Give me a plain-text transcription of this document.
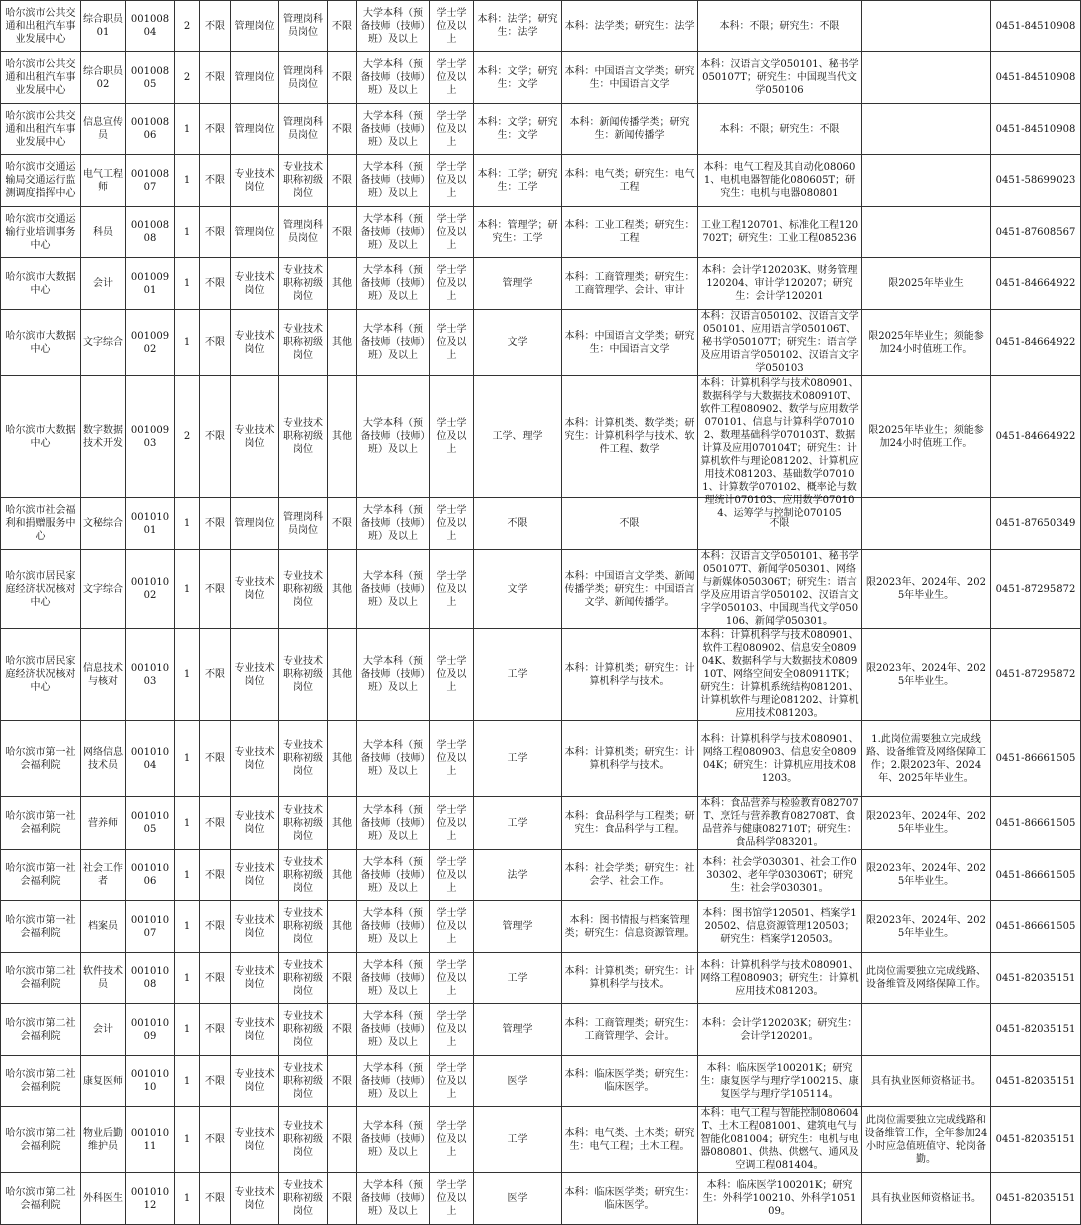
哈尔滨市公共交通和出租汽车事业发展中心	综合职员01	00100804	2	不限	管理岗位	管理岗科员岗位	不限	大学本科（预备技师（技师）班）及以上	学士学位及以上	本科：法学；研究生：法学	本科：法学类；研究生：法学	本科：不限；研究生：不限		0451-84510908
哈尔滨市公共交通和出租汽车事业发展中心	综合职员02	00100805	2	不限	管理岗位	管理岗科员岗位	不限	大学本科（预备技师（技师）班）及以上	学士学位及以上	本科：文学；研究生：文学	本科：中国语言文学类；研究生：中国语言文学	本科：汉语言文学050101、秘书学050107T；研究生：中国现当代文学050106		0451-84510908
哈尔滨市公共交通和出租汽车事业发展中心	信息宣传员	00100806	1	不限	管理岗位	管理岗科员岗位	不限	大学本科（预备技师（技师）班）及以上	学士学位及以上	本科：文学；研究生：文学	本科：新闻传播学类；研究生：新闻传播学	本科：不限；研究生：不限		0451-84510908
哈尔滨市交通运输局交通运行监测调度指挥中心	电气工程师	00100807	1	不限	专业技术岗位	专业技术职称初级岗位	不限	大学本科（预备技师（技师）班）及以上	学士学位及以上	本科：工学；研究生：工学	本科：电气类；研究生：电气工程	本科：电气工程及其自动化080601、电机电器智能化080605T；研究生：电机与电器080801		0451-58699023
哈尔滨市交通运输行业培训事务中心	科员	00100808	1	不限	管理岗位	管理岗科员岗位	不限	大学本科（预备技师（技师）班）及以上	学士学位及以上	本科：管理学；研究生：工学	本科：工业工程类；研究生：工程	工业工程120701、标准化工程120702T；研究生：工业工程085236		0451-87608567
哈尔滨市大数据中心	会计	00100901	1	不限	专业技术岗位	专业技术职称初级岗位	其他	大学本科（预备技师（技师）班）及以上	学士学位及以上	管理学	本科：工商管理类；研究生：工商管理学、会计、审计	本科：会计学120203K、财务管理120204、审计学120207；研究生：会计学120201	限2025年毕业生	0451-84664922
哈尔滨市大数据中心	文字综合	00100902	1	不限	专业技术岗位	专业技术职称初级岗位	其他	大学本科（预备技师（技师）班）及以上	学士学位及以上	文学	本科：中国语言文学类；研究生：中国语言文学	本科：汉语言050102、汉语言文学050101、应用语言学050106T、秘书学050107T；研究生：语言学及应用语言学050102、汉语言文字学050103	限2025年毕业生；须能参加24小时值班工作。	0451-84664922
哈尔滨市大数据中心	数字数据技术开发	00100903	2	不限	专业技术岗位	专业技术职称初级岗位	其他	大学本科（预备技师（技师）班）及以上	学士学位及以上	工学、理学	本科：计算机类、数学类；研究生：计算机科学与技术、软件工程、数学	本科：计算机科学与技术080901、数据科学与大数据技术080910T、软件工程080902、数学与应用数学070101、信息与计算科学070102、数理基础科学070103T、数据计算及应用070104T；研究生：计算机软件与理论081202、计算机应用技术081203、基础数学070101、计算数学070102、概率论与数理统计070103、应用数学070104、运筹学与控制论070105	限2025年毕业生；须能参加24小时值班工作。	0451-84664922
哈尔滨市社会福利和捐赠服务中心	文秘综合	00101001	1	不限	管理岗位	管理岗科员岗位	不限	大学本科（预备技师（技师）班）及以上	学士学位及以上	不限	不限	不限		0451-87650349
哈尔滨市居民家庭经济状况核对中心	文字综合	00101002	1	不限	专业技术岗位	专业技术职称初级岗位	其他	大学本科（预备技师（技师）班）及以上	学士学位及以上	文学	本科：中国语言文学类、新闻传播学类；研究生：中国语言文学、新闻传播学。	本科：汉语言文学050101、秘书学050107T、新闻学050301、网络与新媒体050306T；研究生：语言学及应用语言学050102、汉语言文字学050103、中国现当代文学050106、新闻学050301。	限2023年、2024年、2025年毕业生。	0451-87295872
哈尔滨市居民家庭经济状况核对中心	信息技术与核对	00101003	1	不限	专业技术岗位	专业技术职称初级岗位	其他	大学本科（预备技师（技师）班）及以上	学士学位及以上	工学	本科：计算机类；研究生：计算机科学与技术。	本科：计算机科学与技术080901、软件工程080902、信息安全080904K、数据科学与大数据技术080910T、网络空间安全080911TK；研究生：计算机系统结构081201、计算机软件与理论081202、计算机应用技术081203。	限2023年、2024年、2025年毕业生。	0451-87295872
哈尔滨市第一社会福利院	网络信息技术员	00101004	1	不限	专业技术岗位	专业技术职称初级岗位	其他	大学本科（预备技师（技师）班）及以上	学士学位及以上	工学	本科：计算机类；研究生：计算机科学与技术。	本科：计算机科学与技术080901、网络工程080903、信息安全080904K；研究生：计算机应用技术081203。	1.此岗位需要独立完成线路、设备维管及网络保障工作；2.限2023年、2024年、2025年毕业生。	0451-86661505
哈尔滨市第一社会福利院	营养师	00101005	1	不限	专业技术岗位	专业技术职称初级岗位	其他	大学本科（预备技师（技师）班）及以上	学士学位及以上	工学	本科：食品科学与工程类；研究生：食品科学与工程。	本科：食品营养与检验教育082707T、烹饪与营养教育082708T、食品营养与健康082710T；研究生：食品科学083201。	限2023年、2024年、2025年毕业生。	0451-86661505
哈尔滨市第一社会福利院	社会工作者	00101006	1	不限	专业技术岗位	专业技术职称初级岗位	其他	大学本科（预备技师（技师）班）及以上	学士学位及以上	法学	本科：社会学类；研究生：社会学、社会工作。	本科：社会学030301、社会工作030302、老年学030306T；研究生：社会学030301。	限2023年、2024年、2025年毕业生。	0451-86661505
哈尔滨市第一社会福利院	档案员	00101007	1	不限	专业技术岗位	专业技术职称初级岗位	其他	大学本科（预备技师（技师）班）及以上	学士学位及以上	管理学	本科：图书情报与档案管理类；研究生：信息资源管理。	本科：图书馆学120501、档案学120502、信息资源管理120503；研究生：档案学120503。	限2023年、2024年、2025年毕业生。	0451-86661505
哈尔滨市第二社会福利院	软件技术员	00101008	1	不限	专业技术岗位	专业技术职称初级岗位	不限	大学本科（预备技师（技师）班）及以上	学士学位及以上	工学	本科：计算机类；研究生：计算机科学与技术。	本科：计算机科学与技术080901、网络工程080903；研究生：计算机应用技术081203。	此岗位需要独立完成线路、设备维管及网络保障工作。	0451-82035151
哈尔滨市第二社会福利院	会计	00101009	1	不限	专业技术岗位	专业技术职称初级岗位	不限	大学本科（预备技师（技师）班）及以上	学士学位及以上	管理学	本科：工商管理类；研究生：工商管理学、会计。	本科：会计学120203K；研究生：会计学120201。		0451-82035151
哈尔滨市第二社会福利院	康复医师	00101010	1	不限	专业技术岗位	专业技术职称初级岗位	不限	大学本科（预备技师（技师）班）及以上	学士学位及以上	医学	本科：临床医学类；研究生：临床医学。	本科：临床医学100201K；研究生：康复医学与理疗学100215、康复医学与理疗学105114。	具有执业医师资格证书。	0451-82035151
哈尔滨市第二社会福利院	物业后勤维护员	00101011	1	不限	专业技术岗位	专业技术职称初级岗位	不限	大学本科（预备技师（技师）班）及以上	学士学位及以上	工学	本科：电气类、土木类；研究生：电气工程；土木工程。	本科：电气工程与智能控制080604T、土木工程081001、建筑电气与智能化081004；研究生：电机与电器080801、供热、供燃气、通风及空调工程081404。	此岗位需要独立完成线路和设备维管工作，全年参加24小时应急值班值守、轮岗备勤。	0451-82035151
哈尔滨市第二社会福利院	外科医生	00101012	1	不限	专业技术岗位	专业技术职称初级岗位	不限	大学本科（预备技师（技师）班）及以上	学士学位及以上	医学	本科：临床医学类；研究生：临床医学。	本科：临床医学100201K；研究生：外科学100210、外科学105109。	具有执业医师资格证书。	0451-82035151
